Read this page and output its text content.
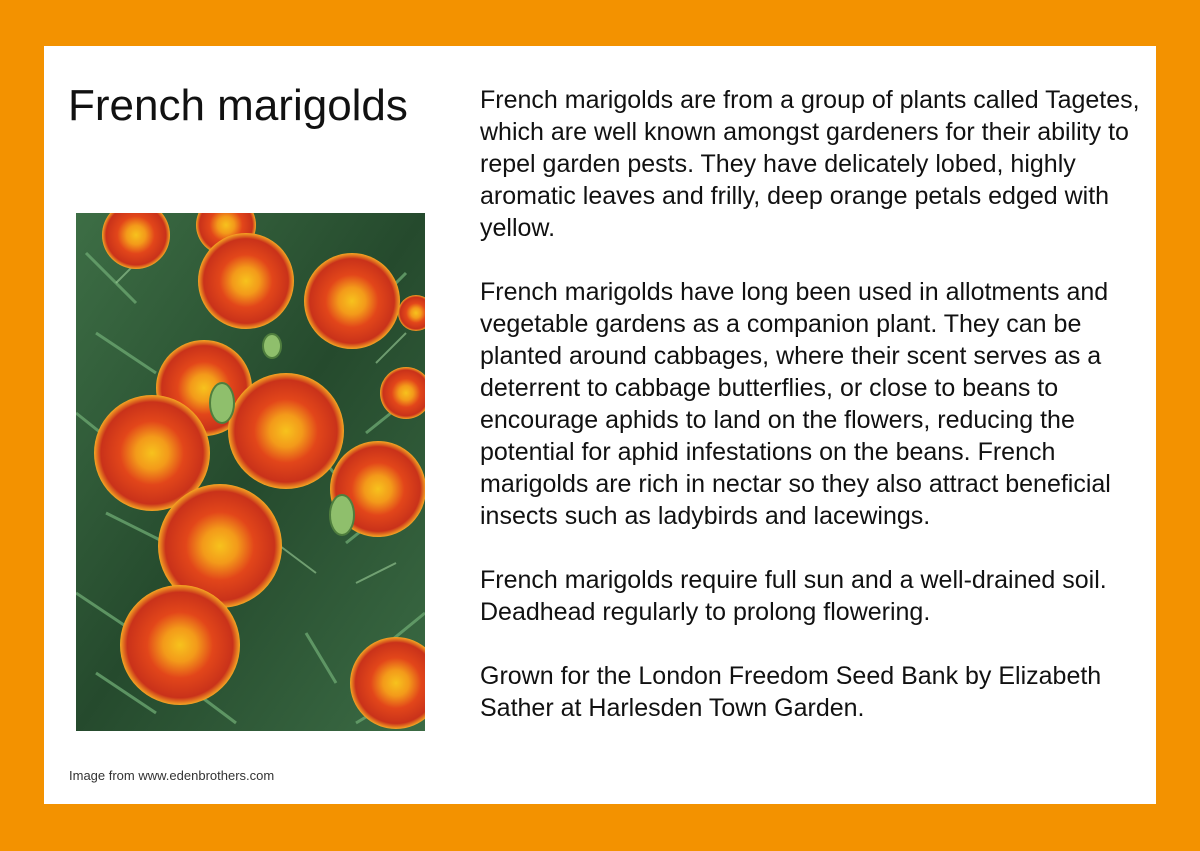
French marigolds
Image from www.edenbrothers.com

French marigolds are from a group of plants called Tagetes, which are well known amongst gardeners for their ability to repel garden pests. They have delicately lobed, highly aromatic leaves and frilly, deep orange petals edged with yellow.

French marigolds have long been used in allotments and vegetable gardens as a companion plant. They can be planted around cabbages, where their scent serves as a deterrent to cabbage butterflies, or close to beans to encourage aphids to land on the flowers, reducing the potential for aphid infestations on the beans. French marigolds are rich in nectar so they also attract beneficial insects such as ladybirds and lacewings.

French marigolds require full sun and a well-drained soil. Deadhead regularly to prolong flowering.

Grown for the London Freedom Seed Bank by Elizabeth Sather at Harlesden Town Garden.
